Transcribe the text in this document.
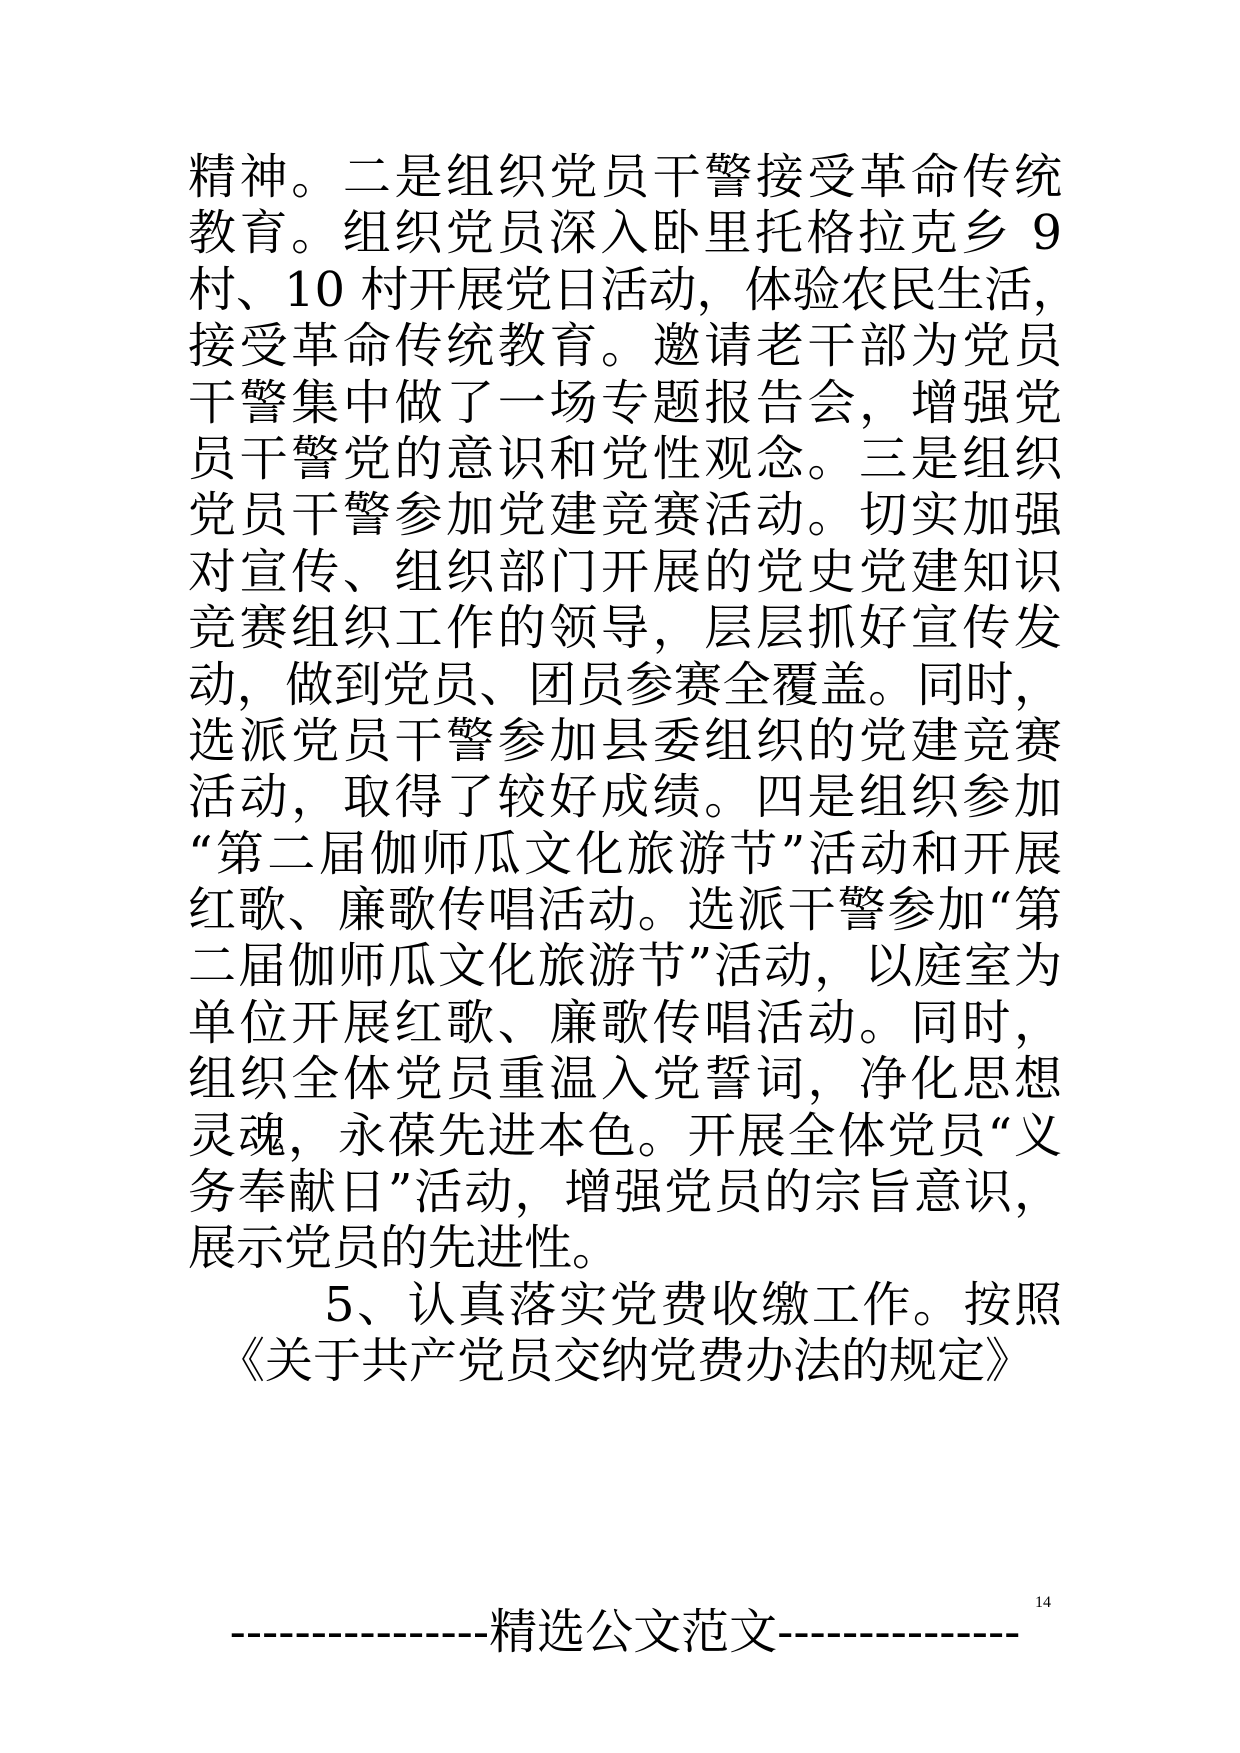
精神。二是组织党员干警接受革命传统
教育。组织党员深入卧里托格拉克乡 9
村、10 村开展党日活动，体验农民生活，
接受革命传统教育。邀请老干部为党员
干警集中做了一场专题报告会，增强党
员干警党的意识和党性观念。三是组织
党员干警参加党建竞赛活动。切实加强
对宣传、组织部门开展的党史党建知识
竞赛组织工作的领导，层层抓好宣传发
动，做到党员、团员参赛全覆盖。同时，
选派党员干警参加县委组织的党建竞赛
活动，取得了较好成绩。四是组织参加
“第二届伽师瓜文化旅游节”活动和开展
红歌、廉歌传唱活动。选派干警参加“第
二届伽师瓜文化旅游节”活动，以庭室为
单位开展红歌、廉歌传唱活动。同时，
组织全体党员重温入党誓词，净化思想
灵魂，永葆先进本色。开展全体党员“义
务奉献日”活动，增强党员的宗旨意识，
展示党员的先进性。
5、认真落实党费收缴工作。按照
《关于共产党员交纳党费办法的规定》
14
----------------精选公文范文---------------
